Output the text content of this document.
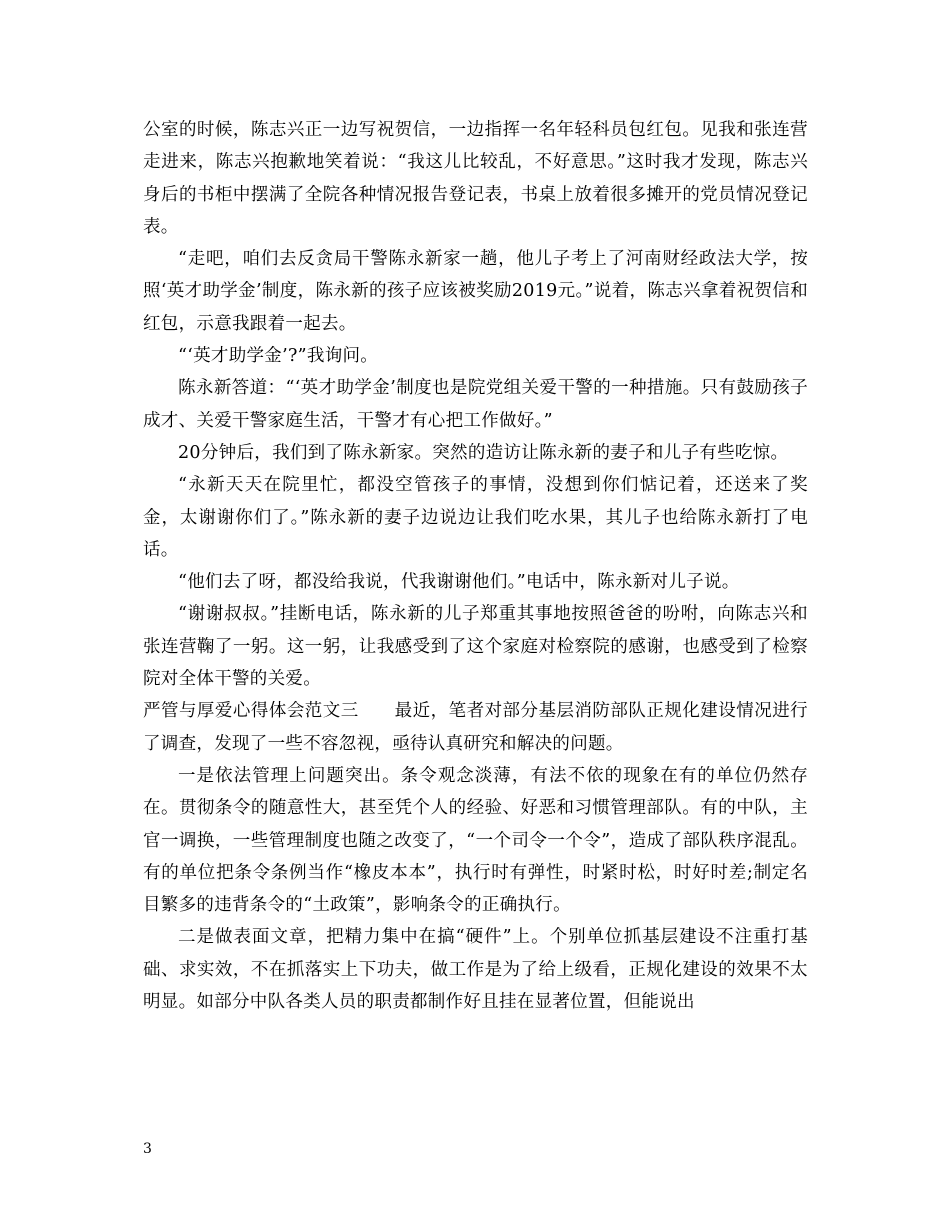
公室的时候，陈志兴正一边写祝贺信，一边指挥一名年轻科员包红包。见我和张连营走进来，陈志兴抱歉地笑着说：“我这儿比较乱，不好意思。”这时我才发现，陈志兴身后的书柜中摆满了全院各种情况报告登记表，书桌上放着很多摊开的党员情况登记表。

“走吧，咱们去反贪局干警陈永新家一趟，他儿子考上了河南财经政法大学，按照‘英才助学金’制度，陈永新的孩子应该被奖励2019元。”说着，陈志兴拿着祝贺信和红包，示意我跟着一起去。

“‘英才助学金’?”我询问。

陈永新答道：“‘英才助学金’制度也是院党组关爱干警的一种措施。只有鼓励孩子成才、关爱干警家庭生活，干警才有心把工作做好。”

20分钟后，我们到了陈永新家。突然的造访让陈永新的妻子和儿子有些吃惊。

“永新天天在院里忙，都没空管孩子的事情，没想到你们惦记着，还送来了奖金，太谢谢你们了。”陈永新的妻子边说边让我们吃水果，其儿子也给陈永新打了电话。

“他们去了呀，都没给我说，代我谢谢他们。”电话中，陈永新对儿子说。

“谢谢叔叔。”挂断电话，陈永新的儿子郑重其事地按照爸爸的吩咐，向陈志兴和张连营鞠了一躬。这一躬，让我感受到了这个家庭对检察院的感谢，也感受到了检察院对全体干警的关爱。

严管与厚爱心得体会范文三　　最近，笔者对部分基层消防部队正规化建设情况进行了调查，发现了一些不容忽视，亟待认真研究和解决的问题。

一是依法管理上问题突出。条令观念淡薄，有法不依的现象在有的单位仍然存在。贯彻条令的随意性大，甚至凭个人的经验、好恶和习惯管理部队。有的中队，主官一调换，一些管理制度也随之改变了，“一个司令一个令”，造成了部队秩序混乱。有的单位把条令条例当作“橡皮本本”，执行时有弹性，时紧时松，时好时差;制定名目繁多的违背条令的“土政策”，影响条令的正确执行。

二是做表面文章，把精力集中在搞“硬件”上。个别单位抓基层建设不注重打基础、求实效，不在抓落实上下功夫，做工作是为了给上级看，正规化建设的效果不太明显。如部分中队各类人员的职责都制作好且挂在显著位置，但能说出

3
